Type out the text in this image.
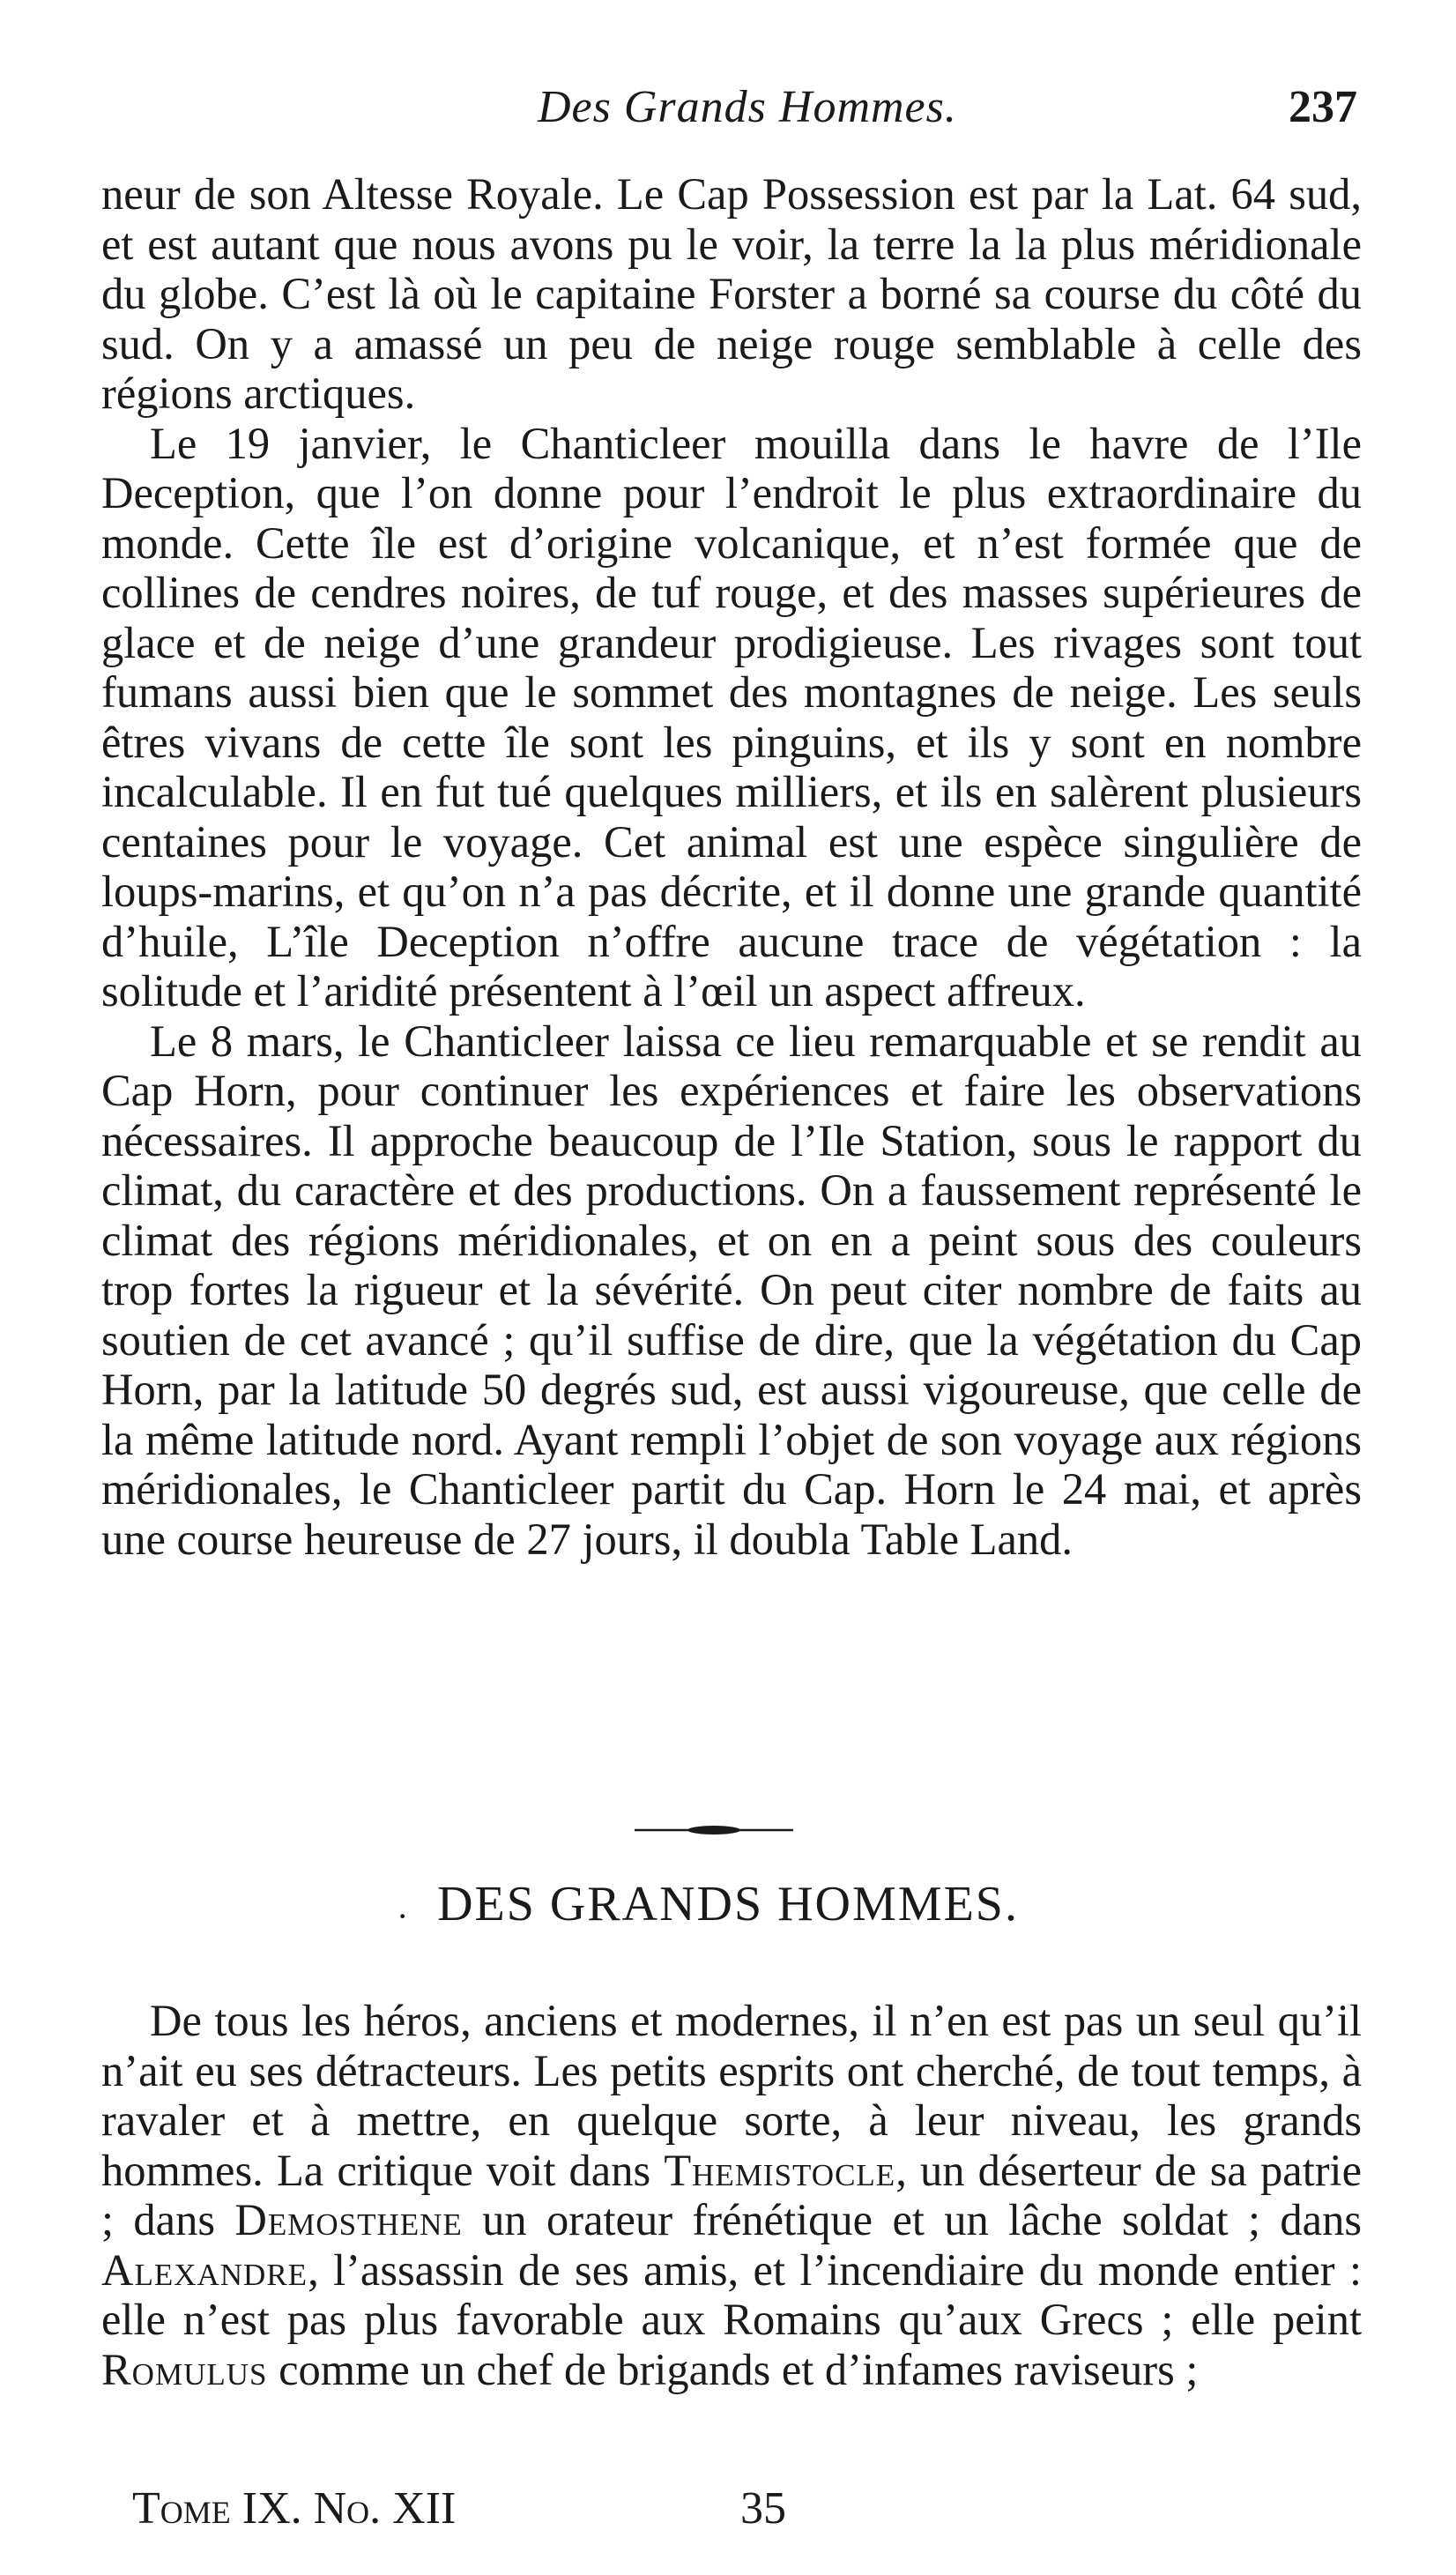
Des Grands Hommes.	237

neur de son Altesse Royale. Le Cap Possession est par la Lat. 64 sud, et est autant que nous avons pu le voir, la terre la la plus méridionale du globe. C’est là où le capitaine Forster a borné sa course du côté du sud. On y a amassé un peu de neige rouge semblable à celle des régions arctiques.

Le 19 janvier, le Chanticleer mouilla dans le havre de l’Ile Deception, que l’on donne pour l’endroit le plus extraordinaire du monde. Cette île est d’origine volcanique, et n’est formée que de collines de cendres noires, de tuf rouge, et des masses supérieures de glace et de neige d’une grandeur prodigieuse. Les rivages sont tout fumans aussi bien que le sommet des montagnes de neige. Les seuls êtres vivans de cette île sont les pinguins, et ils y sont en nombre incalculable. Il en fut tué quelques milliers, et ils en salèrent plusieurs centaines pour le voyage. Cet animal est une espèce singulière de loups-marins, et qu’on n’a pas décrite, et il donne une grande quantité d’huile, L’île Deception n’offre aucune trace de végétation : la solitude et l’aridité présentent à l’œil un aspect affreux.

Le 8 mars, le Chanticleer laissa ce lieu remarquable et se rendit au Cap Horn, pour continuer les expériences et faire les observations nécessaires. Il approche beaucoup de l’Ile Station, sous le rapport du climat, du caractère et des productions. On a faussement représenté le climat des régions méridionales, et on en a peint sous des couleurs trop fortes la rigueur et la sévérité. On peut citer nombre de faits au soutien de cet avancé ; qu’il suffise de dire, que la végétation du Cap Horn, par la latitude 50 degrés sud, est aussi vigoureuse, que celle de la même latitude nord. Ayant rempli l’objet de son voyage aux régions méridionales, le Chanticleer partit du Cap. Horn le 24 mai, et après une course heureuse de 27 jours, il doubla Table Land.

· DES GRANDS HOMMES.

De tous les héros, anciens et modernes, il n’en est pas un seul qu’il n’ait eu ses détracteurs. Les petits esprits ont cherché, de tout temps, à ravaler et à mettre, en quelque sorte, à leur niveau, les grands hommes. La critique voit dans Themistocle, un déserteur de sa patrie ; dans Demosthene un orateur frénétique et un lâche soldat ; dans Alexandre, l’assassin de ses amis, et l’incendiaire du monde entier : elle n’est pas plus favorable aux Romains qu’aux Grecs ; elle peint Romulus comme un chef de brigands et d’infames raviseurs ;

Tome IX. No. XII	35
